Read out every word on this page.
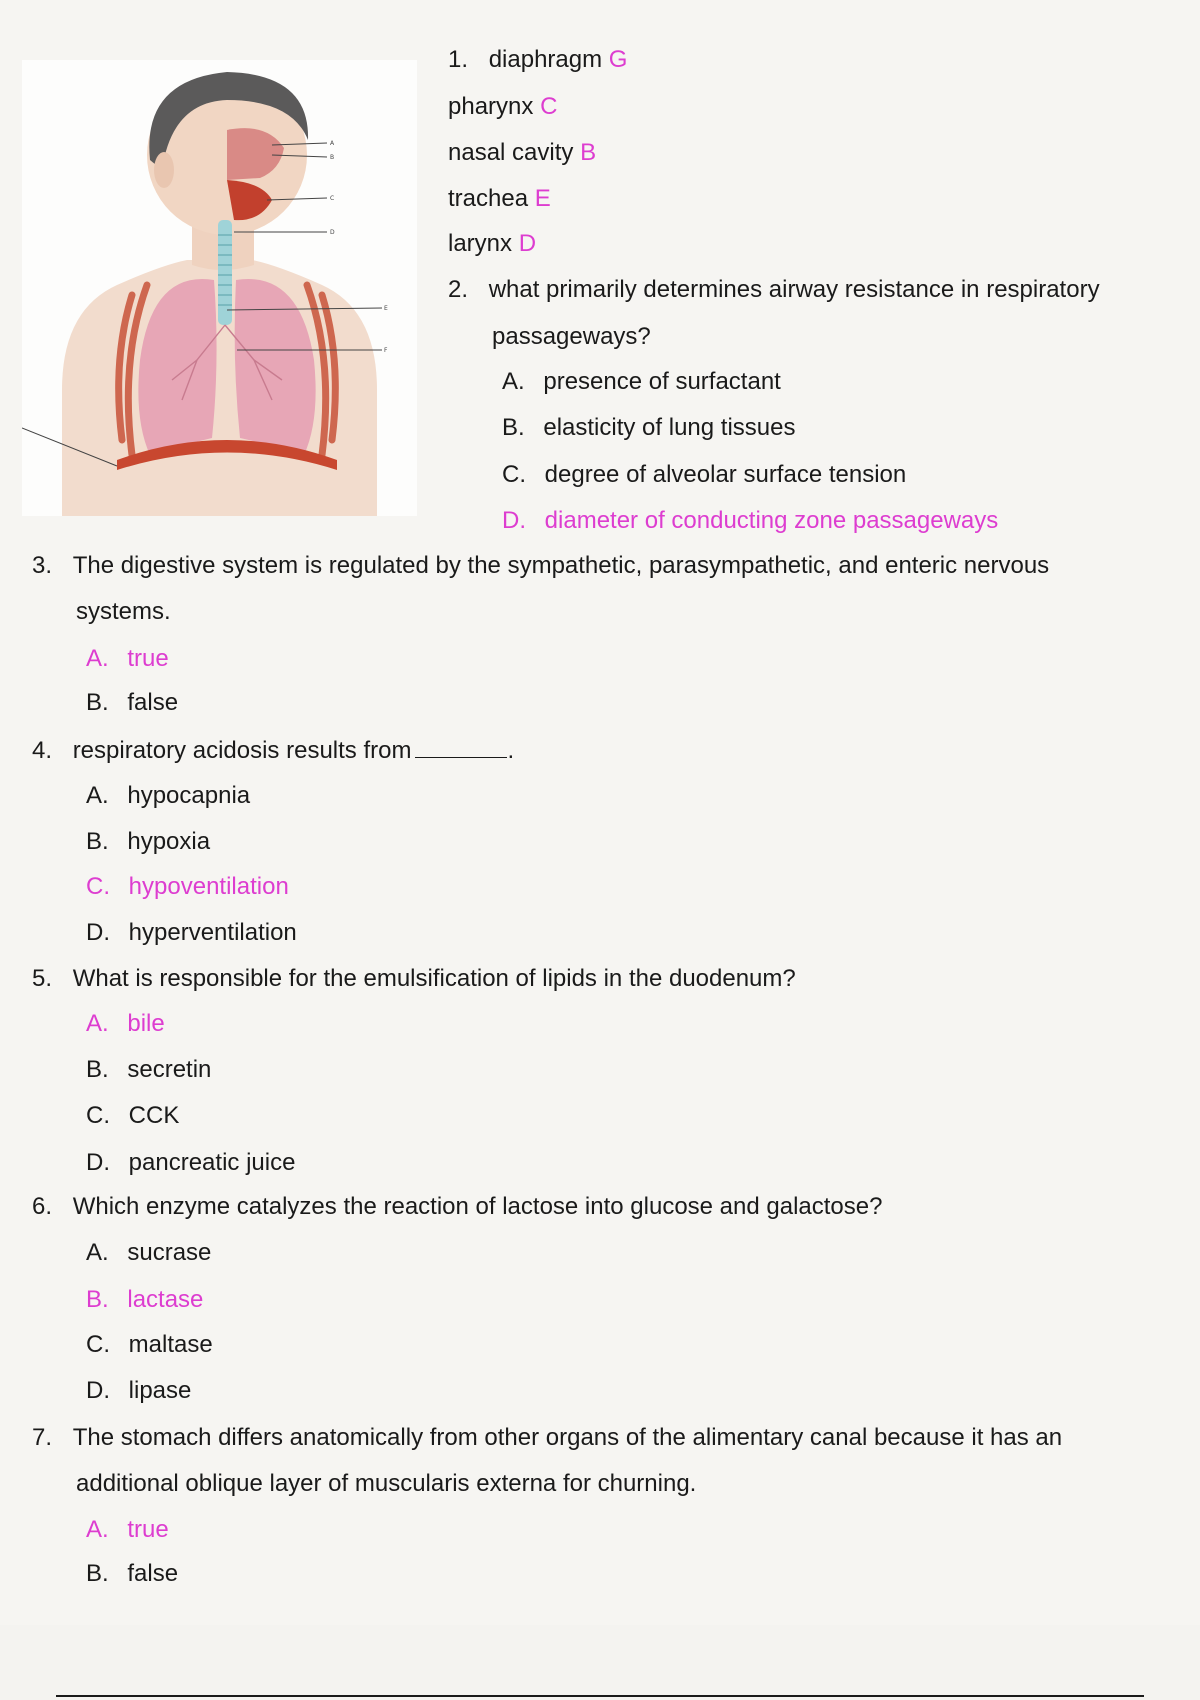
A
B
C
D
E
F
1. diaphragm G
pharynx C
nasal cavity B
trachea E
larynx D
2. what primarily determines airway resistance in respiratory
passageways?
A. presence of surfactant
B. elasticity of lung tissues
C. degree of alveolar surface tension
D. diameter of conducting zone passageways
3. The digestive system is regulated by the sympathetic, parasympathetic, and enteric nervous
systems.
A. true
B. false
4. respiratory acidosis results from	.
A. hypocapnia
B. hypoxia
C. hypoventilation
D. hyperventilation
5. What is responsible for the emulsification of lipids in the duodenum?
A. bile
B. secretin
C. CCK
D. pancreatic juice
6. Which enzyme catalyzes the reaction of lactose into glucose and galactose?
A. sucrase
B. lactase
C. maltase
D. lipase
7. The stomach differs anatomically from other organs of the alimentary canal because it has an
additional oblique layer of muscularis externa for churning.
A. true
B. false
